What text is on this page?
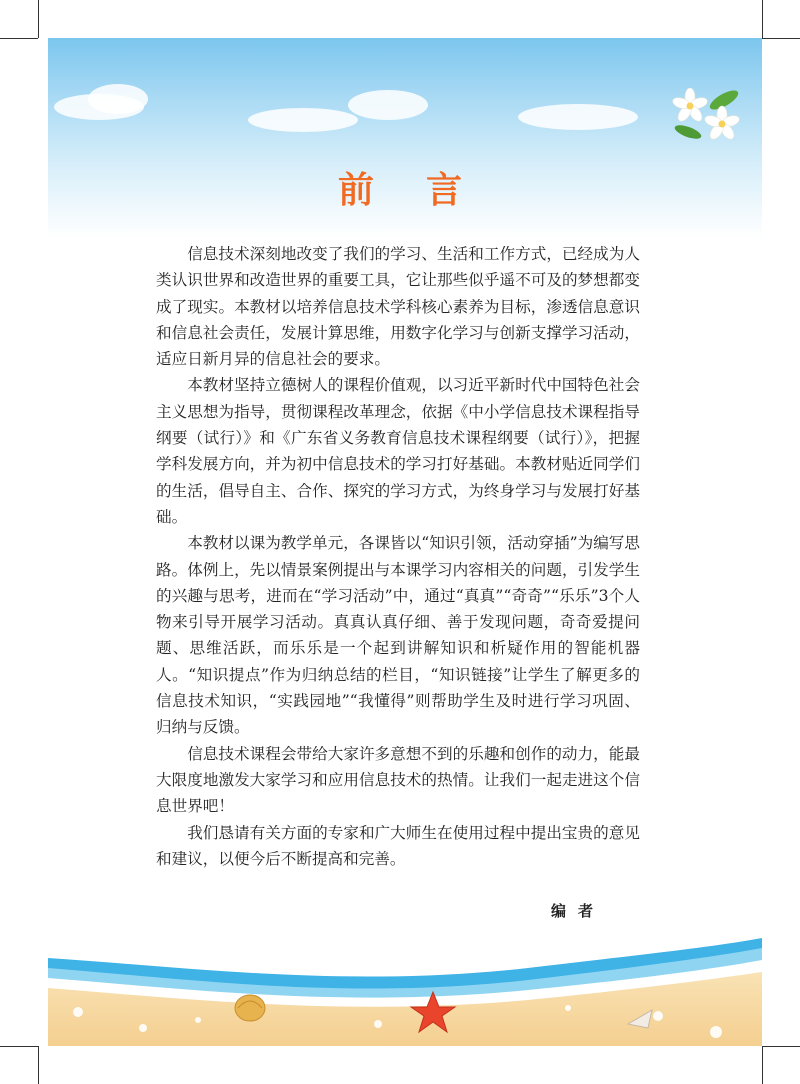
前言

信息技术深刻地改变了我们的学习、生活和工作方式，已经成为人类认识世界和改造世界的重要工具，它让那些似乎遥不可及的梦想都变成了现实。本教材以培养信息技术学科核心素养为目标，渗透信息意识和信息社会责任，发展计算思维，用数字化学习与创新支撑学习活动，适应日新月异的信息社会的要求。

本教材坚持立德树人的课程价值观，以习近平新时代中国特色社会主义思想为指导，贯彻课程改革理念，依据《中小学信息技术课程指导纲要（试行）》和《广东省义务教育信息技术课程纲要（试行）》，把握学科发展方向，并为初中信息技术的学习打好基础。本教材贴近同学们的生活，倡导自主、合作、探究的学习方式，为终身学习与发展打好基础。

本教材以课为教学单元，各课皆以“知识引领，活动穿插”为编写思路。体例上，先以情景案例提出与本课学习内容相关的问题，引发学生的兴趣与思考，进而在“学习活动”中，通过“真真”“奇奇”“乐乐”3个人物来引导开展学习活动。真真认真仔细、善于发现问题，奇奇爱提问题、思维活跃，而乐乐是一个起到讲解知识和析疑作用的智能机器人。“知识提点”作为归纳总结的栏目，“知识链接”让学生了解更多的信息技术知识，“实践园地”“我懂得”则帮助学生及时进行学习巩固、归纳与反馈。

信息技术课程会带给大家许多意想不到的乐趣和创作的动力，能最大限度地激发大家学习和应用信息技术的热情。让我们一起走进这个信息世界吧！

我们恳请有关方面的专家和广大师生在使用过程中提出宝贵的意见和建议，以便今后不断提高和完善。

编者
